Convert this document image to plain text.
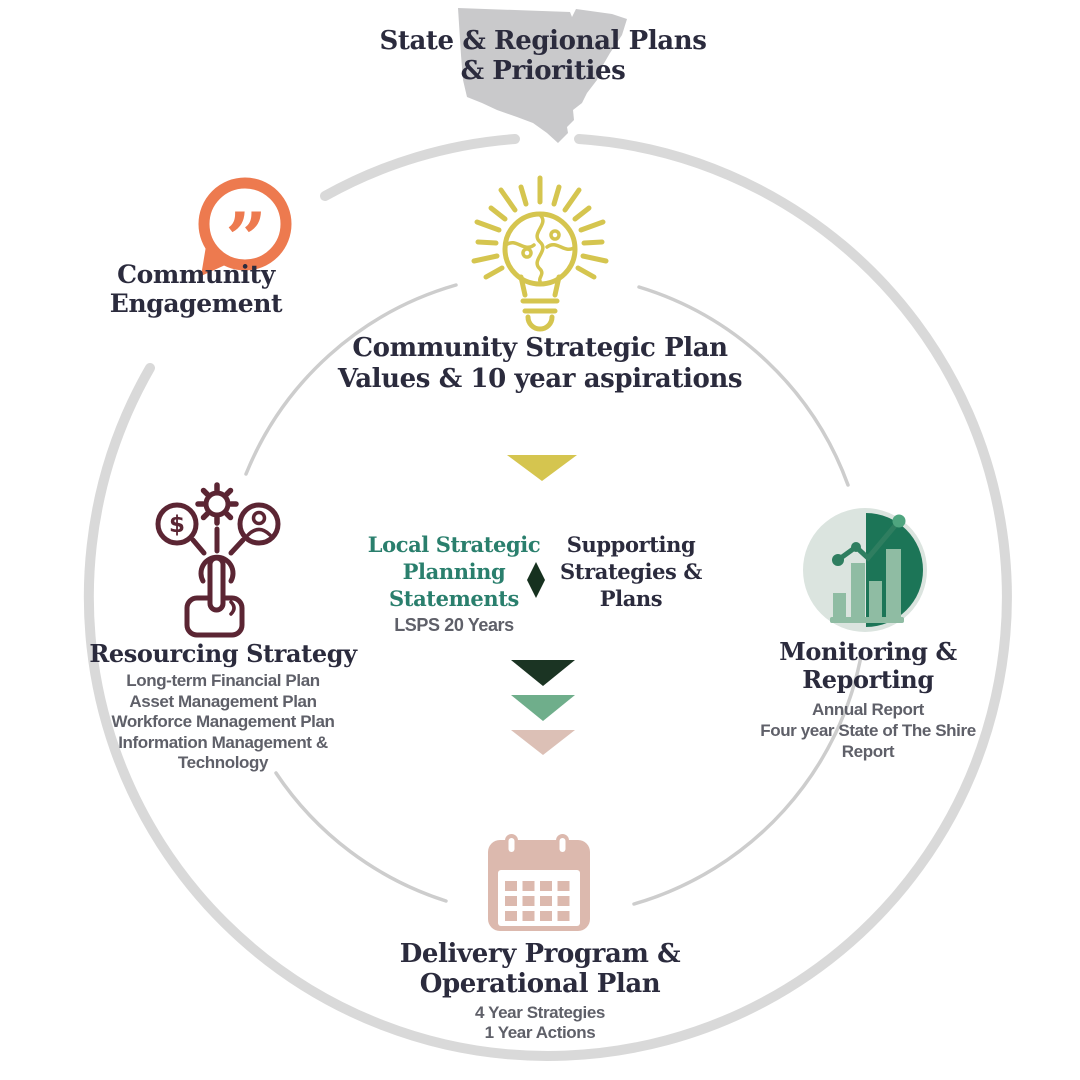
”
$
State & Regional Plans
& Priorities
Community
Engagement
Community Strategic Plan
Values & 10 year aspirations
Local Strategic
Planning
Statements
LSPS 20 Years
Supporting
Strategies &
Plans
Resourcing Strategy
Long-term Financial Plan
Asset Management Plan
Workforce Management Plan
Information Management &
Technology
Monitoring &
Reporting
Annual Report
Four year State of The Shire
Report
Delivery Program &
Operational Plan
4 Year Strategies
1 Year Actions
